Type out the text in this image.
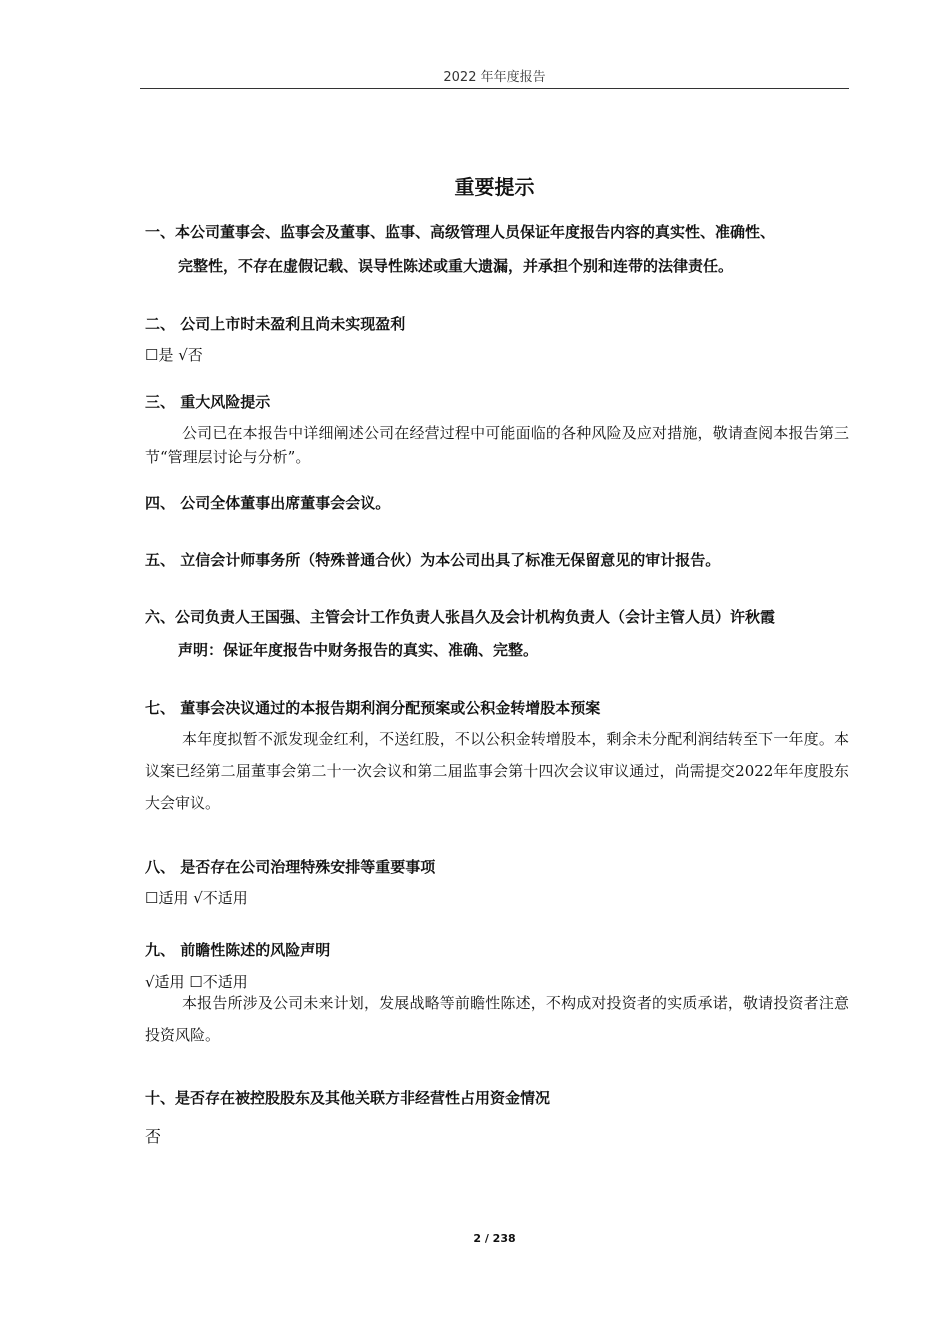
2022 年年度报告
重要提示
一、本公司董事会、监事会及董事、监事、高级管理人员保证年度报告内容的真实性、准确性、
完整性，不存在虚假记载、误导性陈述或重大遗漏，并承担个别和连带的法律责任。
二、 公司上市时未盈利且尚未实现盈利
☐是 √否
三、 重大风险提示
公司已在本报告中详细阐述公司在经营过程中可能面临的各种风险及应对措施，敬请查阅本报告第三节“管理层讨论与分析”。
四、 公司全体董事出席董事会会议。
五、 立信会计师事务所（特殊普通合伙）为本公司出具了标准无保留意见的审计报告。
六、公司负责人王国强、主管会计工作负责人张昌久及会计机构负责人（会计主管人员）许秋霞
声明：保证年度报告中财务报告的真实、准确、完整。
七、 董事会决议通过的本报告期利润分配预案或公积金转增股本预案
本年度拟暂不派发现金红利，不送红股，不以公积金转增股本，剩余未分配利润结转至下一年度。本议案已经第二届董事会第二十一次会议和第二届监事会第十四次会议审议通过，尚需提交2022年年度股东大会审议。
八、 是否存在公司治理特殊安排等重要事项
☐适用 √不适用
九、 前瞻性陈述的风险声明
√适用 ☐不适用
本报告所涉及公司未来计划，发展战略等前瞻性陈述，不构成对投资者的实质承诺，敬请投资者注意投资风险。
十、是否存在被控股股东及其他关联方非经营性占用资金情况
否
2 / 238
